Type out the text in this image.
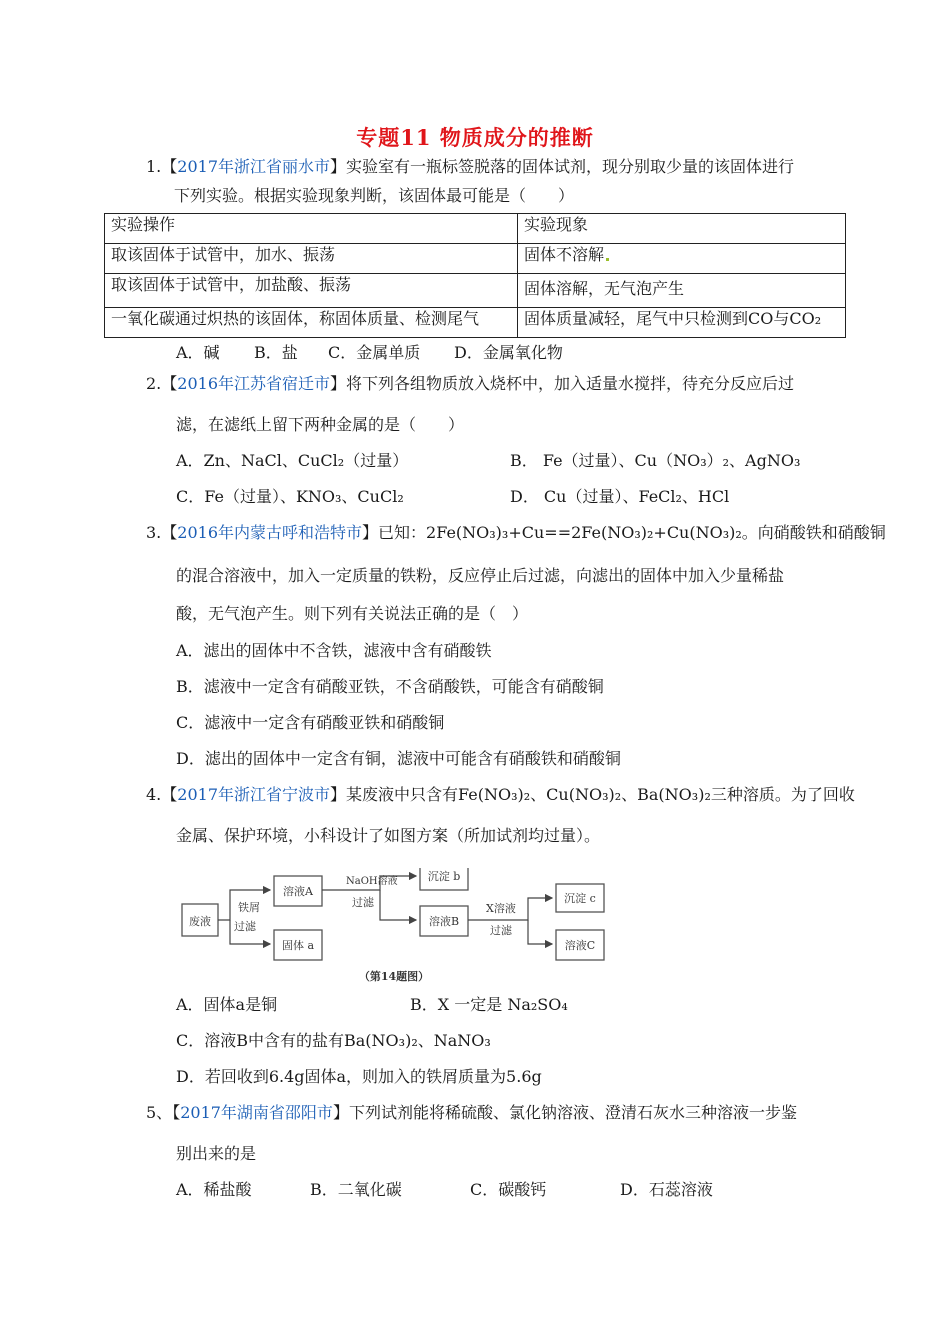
专题11 物质成分的推断
1.【2017年浙江省丽水市】实验室有一瓶标签脱落的固体试剂，现分别取少量的该固体进行
下列实验。根据实验现象判断，该固体最可能是（　　）
实验操作	实验现象
取该固体于试管中，加水、振荡	固体不溶解
取该固体于试管中，加盐酸、振荡	固体溶解，无气泡产生
一氧化碳通过炽热的该固体，称固体质量、检测尾气	固体质量减轻，尾气中只检测到CO与CO₂
A．碱 B．盐 C．金属单质 D．金属氧化物
2.【2016年江苏省宿迁市】将下列各组物质放入烧杯中，加入适量水搅拌，待充分反应后过
滤，在滤纸上留下两种金属的是（　　）
A．Zn、NaCl、CuCl₂（过量）	B． Fe（过量）、Cu（NO₃）₂、AgNO₃
C．Fe（过量）、KNO₃、CuCl₂	D． Cu（过量）、FeCl₂、HCl
3.【2016年内蒙古呼和浩特市】已知：2Fe(NO₃)₃+Cu==2Fe(NO₃)₂+Cu(NO₃)₂。向硝酸铁和硝酸铜
的混合溶液中，加入一定质量的铁粉，反应停止后过滤，向滤出的固体中加入少量稀盐
酸，无气泡产生。则下列有关说法正确的是（　）
A．滤出的固体中不含铁，滤液中含有硝酸铁
B．滤液中一定含有硝酸亚铁，不含硝酸铁，可能含有硝酸铜
C．滤液中一定含有硝酸亚铁和硝酸铜
D．滤出的固体中一定含有铜，滤液中可能含有硝酸铁和硝酸铜
4.【2017年浙江省宁波市】某废液中只含有Fe(NO₃)₂、Cu(NO₃)₂、Ba(NO₃)₂三种溶质。为了回收
金属、保护环境，小科设计了如图方案（所加试剂均过量）。
废液
铁屑
过滤
溶液A
固体 a
NaOH溶液
过滤
沉淀 b
溶液B
X溶液
过滤
沉淀 c
溶液C
（第14题图）
A．固体a是铜	B．X 一定是 Na₂SO₄
C．溶液B中含有的盐有Ba(NO₃)₂、NaNO₃
D．若回收到6.4g固体a，则加入的铁屑质量为5.6g
5、【2017年湖南省邵阳市】下列试剂能将稀硫酸、氯化钠溶液、澄清石灰水三种溶液一步鉴
别出来的是
A．稀盐酸	B．二氧化碳	C．碳酸钙	D．石蕊溶液
